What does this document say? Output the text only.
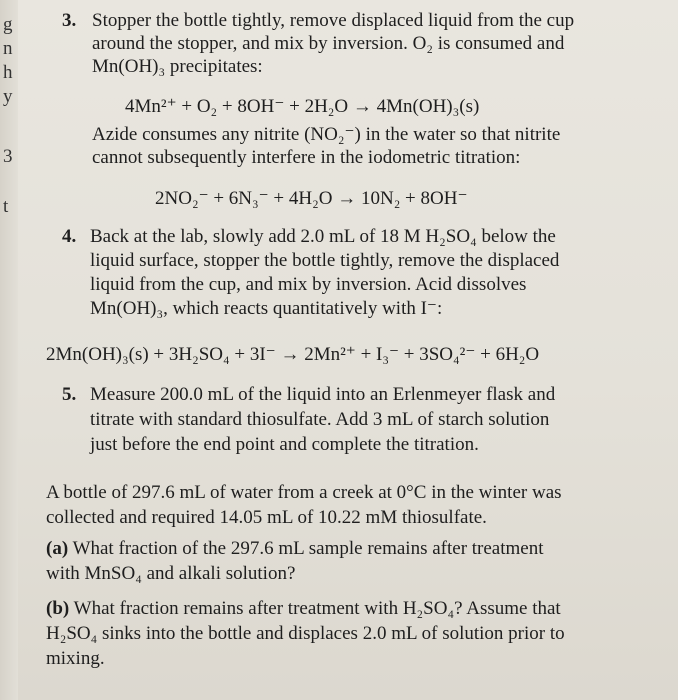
g
n
h
y
3
t
3. Stopper the bottle tightly, remove displaced liquid from the cup
around the stopper, and mix by inversion. O₂ is consumed and
Mn(OH)₃ precipitates:
4Mn²⁺ + O₂ + 8OH⁻ + 2H₂O → 4Mn(OH)₃(s)
Azide consumes any nitrite (NO₂⁻) in the water so that nitrite
cannot subsequently interfere in the iodometric titration:
2NO₂⁻ + 6N₃⁻ + 4H₂O → 10N₂ + 8OH⁻
4. Back at the lab, slowly add 2.0 mL of 18 M H₂SO₄ below the
liquid surface, stopper the bottle tightly, remove the displaced
liquid from the cup, and mix by inversion. Acid dissolves
Mn(OH)₃, which reacts quantitatively with I⁻:
2Mn(OH)₃(s) + 3H₂SO₄ + 3I⁻ → 2Mn²⁺ + I₃⁻ + 3SO₄²⁻ + 6H₂O
5. Measure 200.0 mL of the liquid into an Erlenmeyer flask and
titrate with standard thiosulfate. Add 3 mL of starch solution
just before the end point and complete the titration.
A bottle of 297.6 mL of water from a creek at 0°C in the winter was
collected and required 14.05 mL of 10.22 mM thiosulfate.
(a) What fraction of the 297.6 mL sample remains after treatment
with MnSO₄ and alkali solution?
(b) What fraction remains after treatment with H₂SO₄? Assume that
H₂SO₄ sinks into the bottle and displaces 2.0 mL of solution prior to
mixing.
